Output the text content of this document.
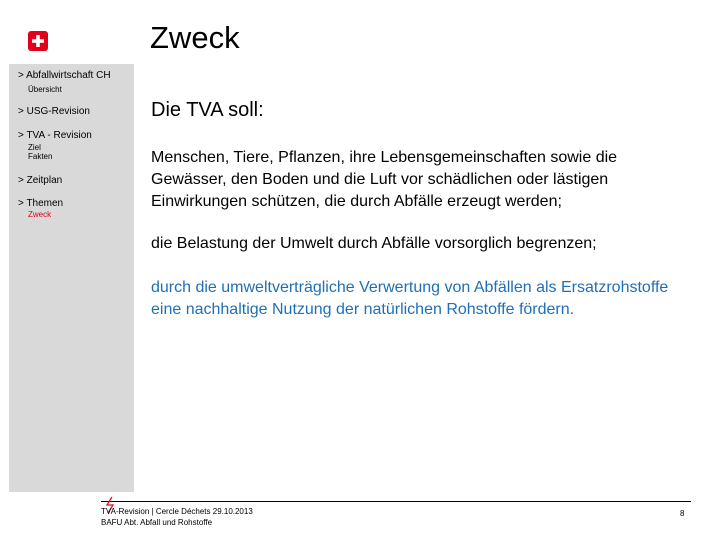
Zweck
> Abfallwirtschaft CH
Übersicht
> USG-Revision
> TVA - Revision
Ziel
Fakten
> Zeitplan
> Themen
Zweck
Die TVA soll:
Menschen, Tiere, Pflanzen, ihre Lebensgemeinschaften sowie die Gewässer, den Boden und die Luft vor schädlichen oder lästigen Einwirkungen schützen, die durch Abfälle erzeugt werden;
die Belastung der Umwelt durch Abfälle vorsorglich begrenzen;
durch die umweltverträgliche Verwertung von Abfällen als Ersatzrohstoffe eine nachhaltige Nutzung der natürlichen Rohstoffe fördern.
TVA-Revision | Cercle Déchets 29.10.2013
BAFU Abt. Abfall und Rohstoffe
8
